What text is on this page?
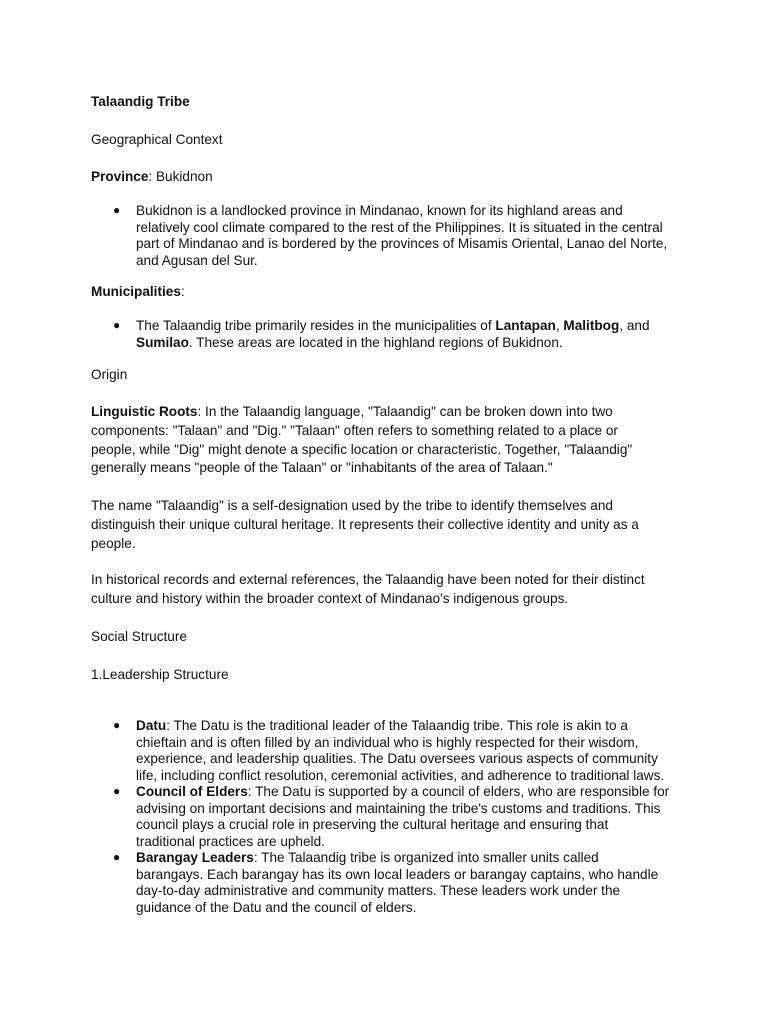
Talaandig Tribe
Geographical Context
Province: Bukidnon
● Bukidnon is a landlocked province in Mindanao, known for its highland areas and
relatively cool climate compared to the rest of the Philippines. It is situated in the central
part of Mindanao and is bordered by the provinces of Misamis Oriental, Lanao del Norte,
and Agusan del Sur.
Municipalities:
● The Talaandig tribe primarily resides in the municipalities of Lantapan, Malitbog, and
Sumilao. These areas are located in the highland regions of Bukidnon.
Origin
Linguistic Roots: In the Talaandig language, "Talaandig" can be broken down into two
components: "Talaan" and "Dig." "Talaan" often refers to something related to a place or
people, while "Dig" might denote a specific location or characteristic. Together, "Talaandig"
generally means "people of the Talaan" or "inhabitants of the area of Talaan."
The name "Talaandig" is a self-designation used by the tribe to identify themselves and
distinguish their unique cultural heritage. It represents their collective identity and unity as a
people.
In historical records and external references, the Talaandig have been noted for their distinct
culture and history within the broader context of Mindanao's indigenous groups.
Social Structure
1.Leadership Structure
● Datu: The Datu is the traditional leader of the Talaandig tribe. This role is akin to a
chieftain and is often filled by an individual who is highly respected for their wisdom,
experience, and leadership qualities. The Datu oversees various aspects of community
life, including conflict resolution, ceremonial activities, and adherence to traditional laws.
● Council of Elders: The Datu is supported by a council of elders, who are responsible for
advising on important decisions and maintaining the tribe's customs and traditions. This
council plays a crucial role in preserving the cultural heritage and ensuring that
traditional practices are upheld.
● Barangay Leaders: The Talaandig tribe is organized into smaller units called
barangays. Each barangay has its own local leaders or barangay captains, who handle
day-to-day administrative and community matters. These leaders work under the
guidance of the Datu and the council of elders.
